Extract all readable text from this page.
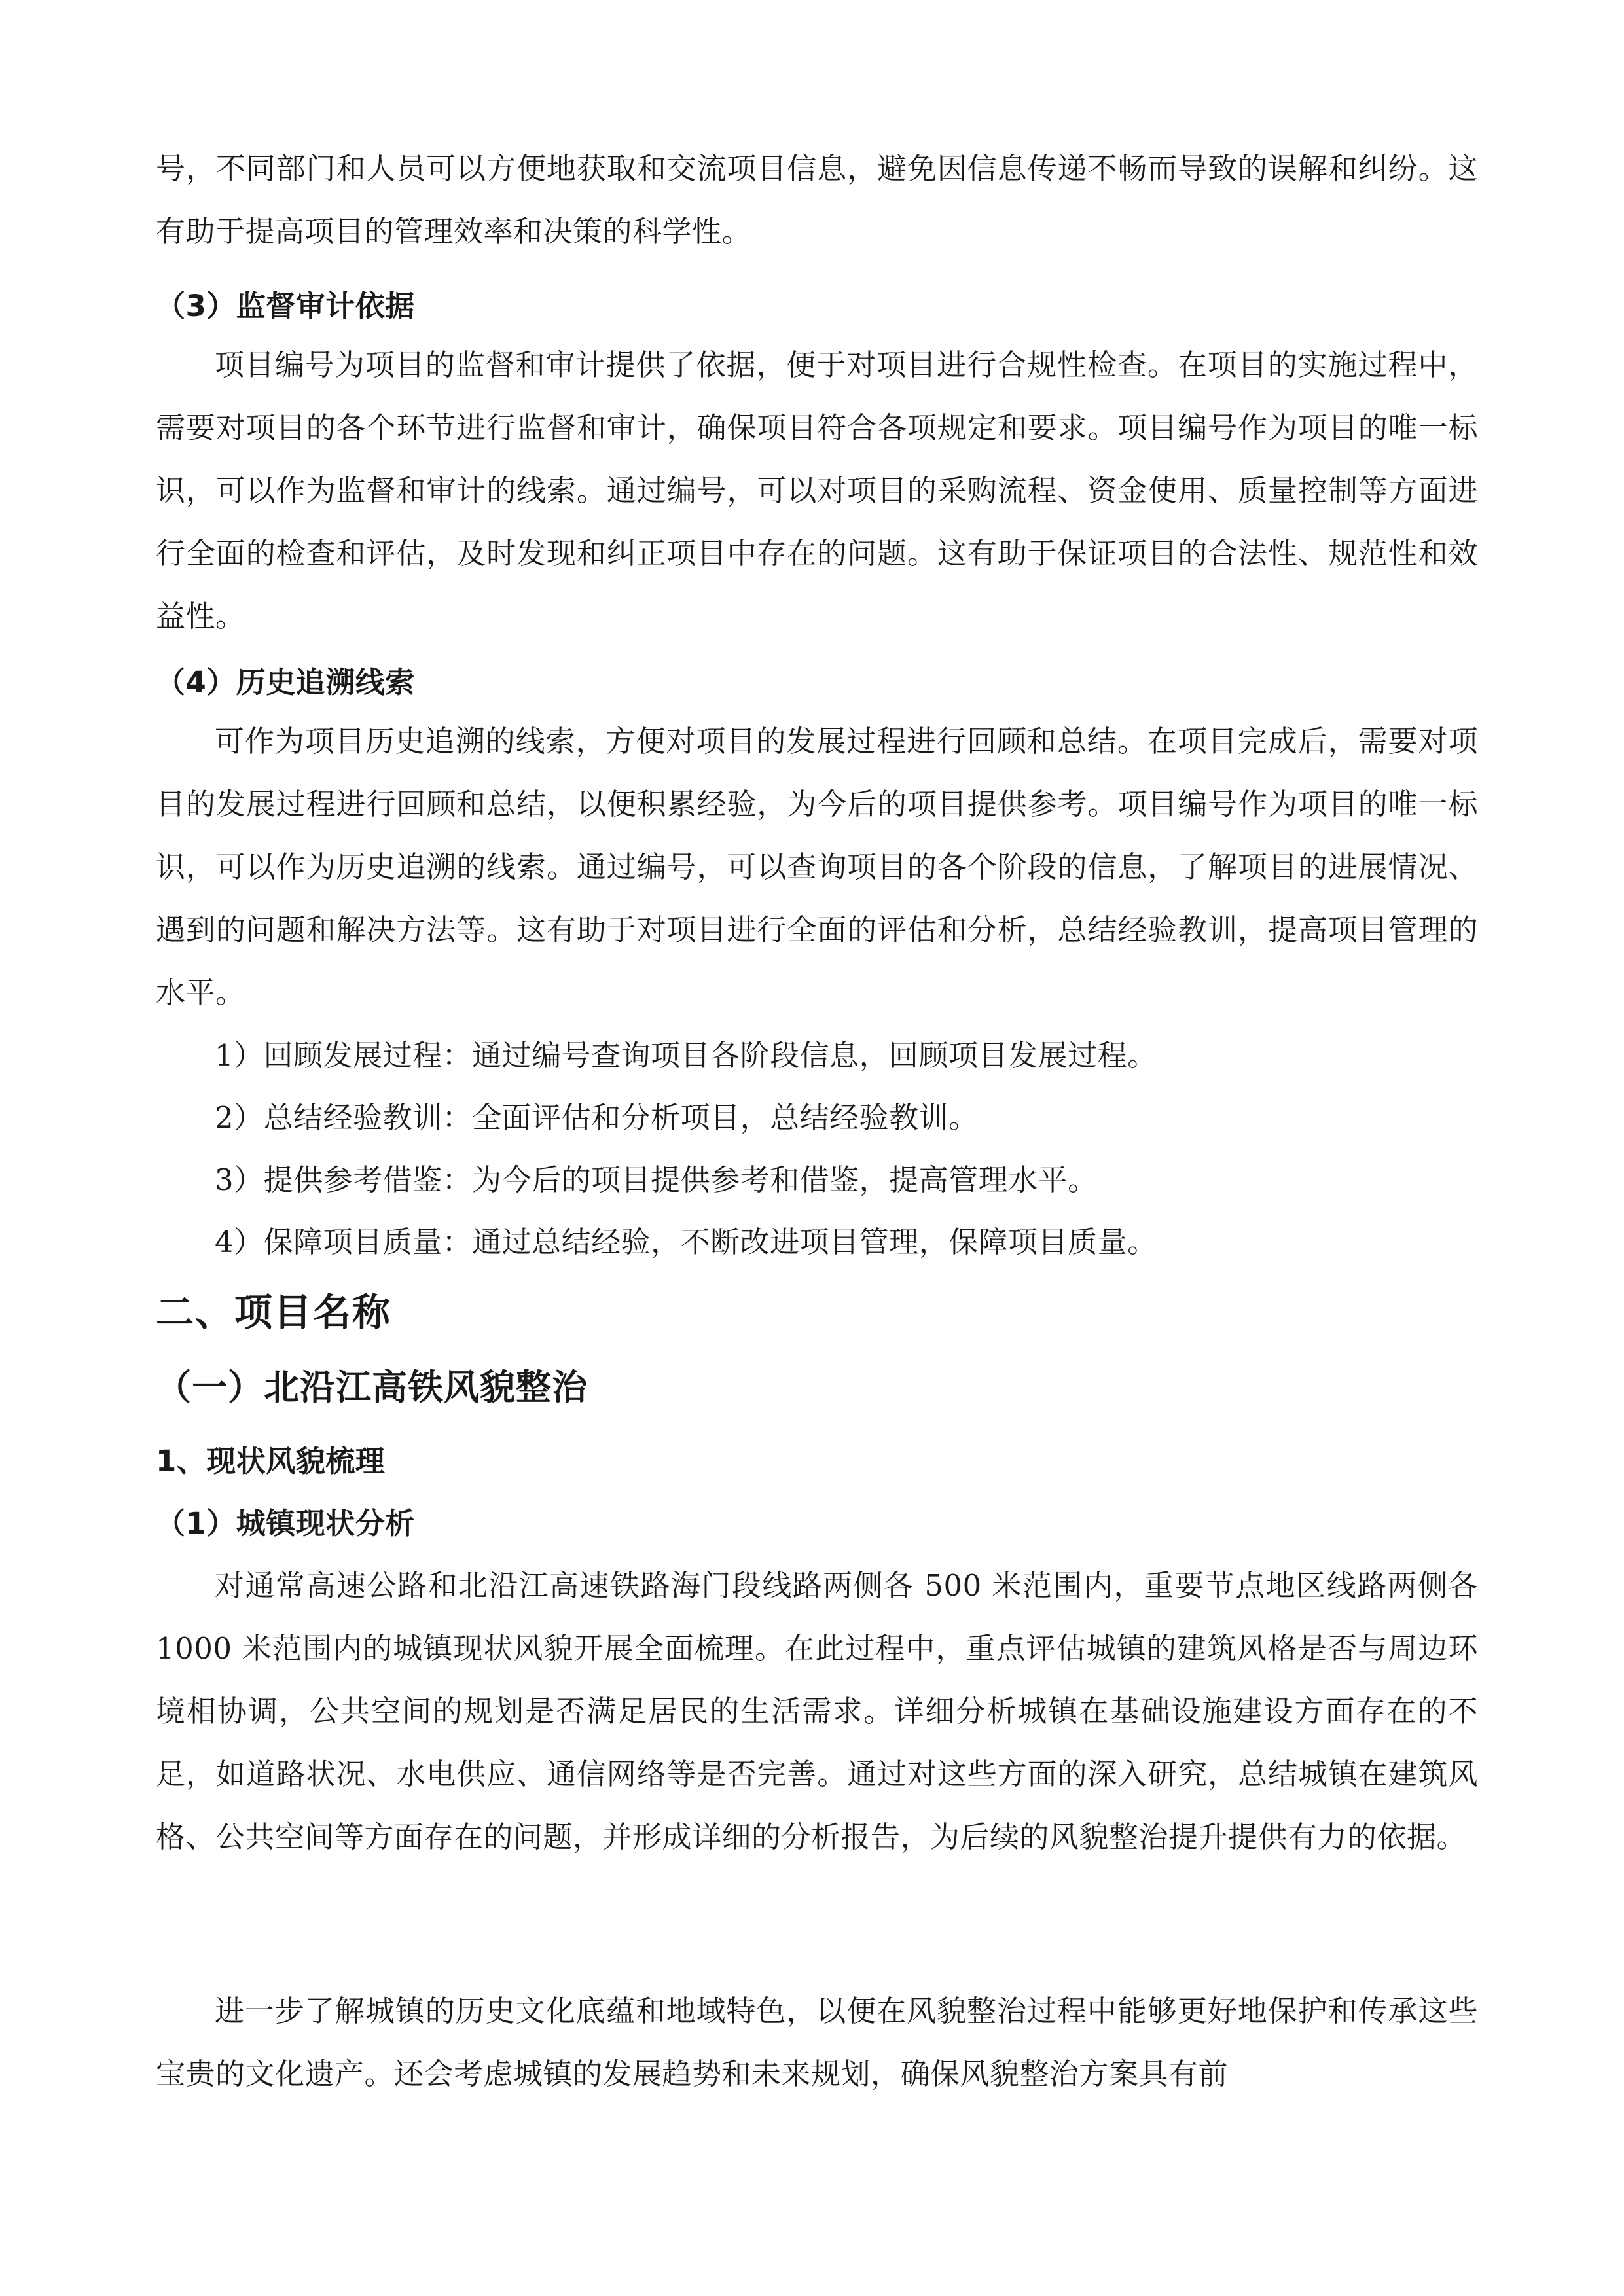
号，不同部门和人员可以方便地获取和交流项目信息，避免因信息传递不畅而导致的误解和纠纷。这有助于提高项目的管理效率和决策的科学性。

（3）监督审计依据

项目编号为项目的监督和审计提供了依据，便于对项目进行合规性检查。在项目的实施过程中，需要对项目的各个环节进行监督和审计，确保项目符合各项规定和要求。项目编号作为项目的唯一标识，可以作为监督和审计的线索。通过编号，可以对项目的采购流程、资金使用、质量控制等方面进行全面的检查和评估，及时发现和纠正项目中存在的问题。这有助于保证项目的合法性、规范性和效益性。

（4）历史追溯线索

可作为项目历史追溯的线索，方便对项目的发展过程进行回顾和总结。在项目完成后，需要对项目的发展过程进行回顾和总结，以便积累经验，为今后的项目提供参考。项目编号作为项目的唯一标识，可以作为历史追溯的线索。通过编号，可以查询项目的各个阶段的信息，了解项目的进展情况、遇到的问题和解决方法等。这有助于对项目进行全面的评估和分析，总结经验教训，提高项目管理的水平。

1）回顾发展过程：通过编号查询项目各阶段信息，回顾项目发展过程。
2）总结经验教训：全面评估和分析项目，总结经验教训。
3）提供参考借鉴：为今后的项目提供参考和借鉴，提高管理水平。
4）保障项目质量：通过总结经验，不断改进项目管理，保障项目质量。
二、项目名称
（一）北沿江高铁风貌整治
1、现状风貌梳理
（1）城镇现状分析

对通常高速公路和北沿江高速铁路海门段线路两侧各 500 米范围内，重要节点地区线路两侧各 1000 米范围内的城镇现状风貌开展全面梳理。在此过程中，重点评估城镇的建筑风格是否与周边环境相协调，公共空间的规划是否满足居民的生活需求。详细分析城镇在基础设施建设方面存在的不足，如道路状况、水电供应、通信网络等是否完善。通过对这些方面的深入研究，总结城镇在建筑风格、公共空间等方面存在的问题，并形成详细的分析报告，为后续的风貌整治提升提供有力的依据。

进一步了解城镇的历史文化底蕴和地域特色，以便在风貌整治过程中能够更好地保护和传承这些宝贵的文化遗产。还会考虑城镇的发展趋势和未来规划，确保风貌整治方案具有前
